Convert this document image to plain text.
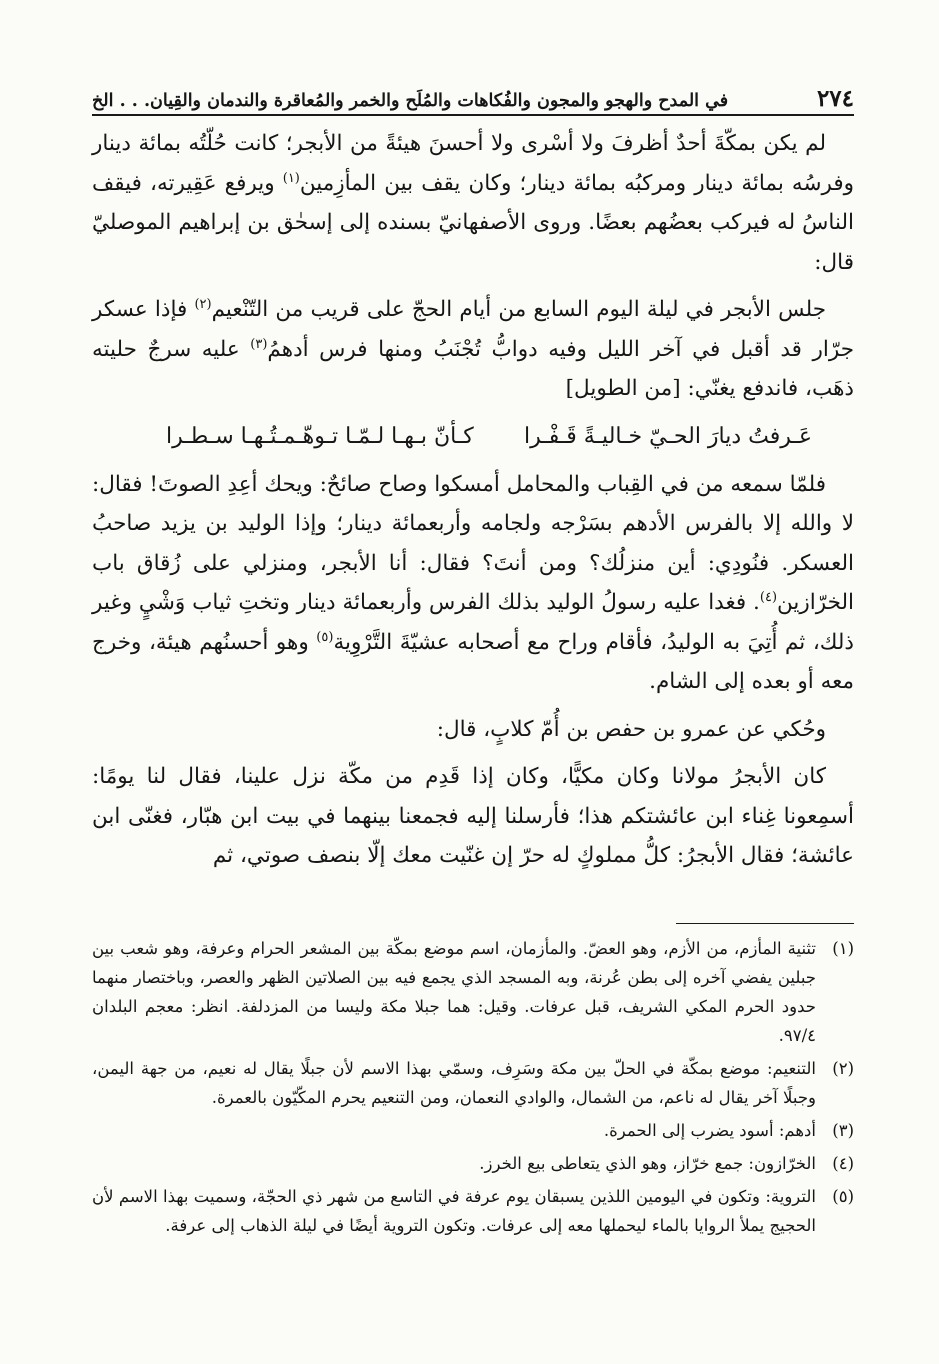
٢٧٤
في المدح والهجو والمجون والفُكاهات والمُلَح والخمر والمُعاقرة والندمان والقِيان. . . الخ

لم يكن بمكّةَ أحدٌ أظرفَ ولا أسْرى ولا أحسنَ هيئةً من الأبجر؛ كانت حُلّتُه بمائة دينار وفرسُه بمائة دينار ومركبُه بمائة دينار؛ وكان يقف بين المأزِمين$^{(١)}$ ويرفع عَقِيرته، فيقف الناسُ له فيركب بعضُهم بعضًا. وروى الأصفهانيّ بسنده إلى إسحٰق بن إبراهيم الموصليّ قال:

جلس الأبجر في ليلة اليوم السابع من أيام الحجّ على قريب من التّنْعيم$^{(٢)}$ فإذا عسكر جرّار قد أقبل في آخر الليل وفيه دوابُّ تُجْنَبُ ومنها فرس أدهمُ$^{(٣)}$ عليه سرجٌ حليته ذهَب، فاندفع يغنّي: [من الطويل]

عَـرفتُ ديارَ الحـيّ خـاليـةً قَـفْـرا
كـأنّ بـهـا لـمّـا تـوهّـمـتُـهـا سـطـرا

فلمّا سمعه من في القِباب والمحامل أمسكوا وصاح صائحٌ: ويحك أعِدِ الصوتَ! فقال: لا والله إلا بالفرس الأدهم بسَرْجه ولجامه وأربعمائة دينار؛ وإذا الوليد بن يزيد صاحبُ العسكر. فنُودِي: أين منزلُك؟ ومن أنتَ؟ فقال: أنا الأبجر، ومنزلي على زُقاق باب الخرّازين$^{(٤)}$. فغدا عليه رسولُ الوليد بذلك الفرس وأربعمائة دينار وتختِ ثياب وَشْيٍ وغير ذلك، ثم أُتِيَ به الوليدُ، فأقام وراح مع أصحابه عشيّةَ التَّرْوِية$^{(٥)}$ وهو أحسنُهم هيئة، وخرج معه أو بعده إلى الشام.

وحُكي عن عمرو بن حفص بن أُمّ كلابٍ، قال:

كان الأبجرُ مولانا وكان مكيًّا، وكان إذا قَدِم من مكّة نزل علينا، فقال لنا يومًا: أسمِعونا غِناء ابن عائشتكم هذا؛ فأرسلنا إليه فجمعنا بينهما في بيت ابن هبّار، فغنّى ابن عائشة؛ فقال الأبجرُ: كلُّ مملوكٍ له حرّ إن غنّيت معك إلّا بنصف صوتي، ثم

(١)
تثنية المأزم، من الأزم، وهو العضّ. والمأزمان، اسم موضع بمكّة بين المشعر الحرام وعرفة، وهو شعب بين جبلين يفضي آخره إلى بطن عُرنة، وبه المسجد الذي يجمع فيه بين الصلاتين الظهر والعصر، وباختصار منهما حدود الحرم المكي الشريف، قبل عرفات. وقيل: هما جبلا مكة وليسا من المزدلفة. انظر: معجم البلدان ٩٧/٤.
(٢)
التنعيم: موضع بمكّة في الحلّ بين مكة وسَرِف، وسمّي بهذا الاسم لأن جبلًا يقال له نعيم، من جهة اليمن، وجبلًا آخر يقال له ناعم، من الشمال، والوادي النعمان، ومن التنعيم يحرم المكّيّون بالعمرة.
(٣)
أدهم: أسود يضرب إلى الحمرة.
(٤)
الخرّازون: جمع خرّاز، وهو الذي يتعاطى بيع الخرز.
(٥)
التروية: وتكون في اليومين اللذين يسبقان يوم عرفة في التاسع من شهر ذي الحجّة، وسميت بهذا الاسم لأن الحجيج يملأ الروايا بالماء ليحملها معه إلى عرفات. وتكون التروية أيضًا في ليلة الذهاب إلى عرفة.
